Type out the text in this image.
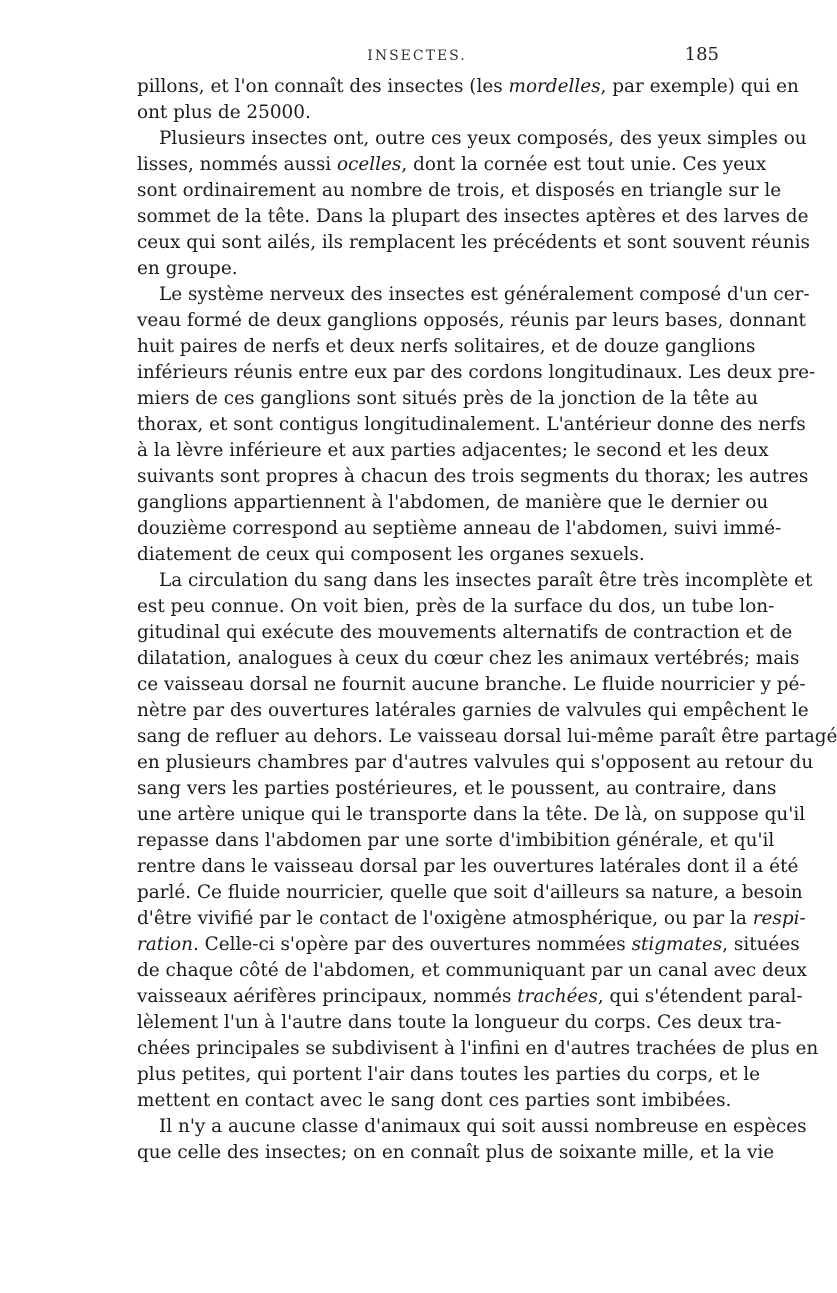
INSECTES.	185
pillons, et l'on connaît des insectes (les mordelles, par exemple) qui en
ont plus de 25000.
Plusieurs insectes ont, outre ces yeux composés, des yeux simples ou
lisses, nommés aussi ocelles, dont la cornée est tout unie. Ces yeux
sont ordinairement au nombre de trois, et disposés en triangle sur le
sommet de la tête. Dans la plupart des insectes aptères et des larves de
ceux qui sont ailés, ils remplacent les précédents et sont souvent réunis
en groupe.
Le système nerveux des insectes est généralement composé d'un cer-
veau formé de deux ganglions opposés, réunis par leurs bases, donnant
huit paires de nerfs et deux nerfs solitaires, et de douze ganglions
inférieurs réunis entre eux par des cordons longitudinaux. Les deux pre-
miers de ces ganglions sont situés près de la jonction de la tête au
thorax, et sont contigus longitudinalement. L'antérieur donne des nerfs
à la lèvre inférieure et aux parties adjacentes; le second et les deux
suivants sont propres à chacun des trois segments du thorax; les autres
ganglions appartiennent à l'abdomen, de manière que le dernier ou
douzième correspond au septième anneau de l'abdomen, suivi immé-
diatement de ceux qui composent les organes sexuels.
La circulation du sang dans les insectes paraît être très incomplète et
est peu connue. On voit bien, près de la surface du dos, un tube lon-
gitudinal qui exécute des mouvements alternatifs de contraction et de
dilatation, analogues à ceux du cœur chez les animaux vertébrés; mais
ce vaisseau dorsal ne fournit aucune branche. Le fluide nourricier y pé-
nètre par des ouvertures latérales garnies de valvules qui empêchent le
sang de refluer au dehors. Le vaisseau dorsal lui-même paraît être partagé
en plusieurs chambres par d'autres valvules qui s'opposent au retour du
sang vers les parties postérieures, et le poussent, au contraire, dans
une artère unique qui le transporte dans la tête. De là, on suppose qu'il
repasse dans l'abdomen par une sorte d'imbibition générale, et qu'il
rentre dans le vaisseau dorsal par les ouvertures latérales dont il a été
parlé. Ce fluide nourricier, quelle que soit d'ailleurs sa nature, a besoin
d'être vivifié par le contact de l'oxigène atmosphérique, ou par la respi-
ration. Celle-ci s'opère par des ouvertures nommées stigmates, situées
de chaque côté de l'abdomen, et communiquant par un canal avec deux
vaisseaux aérifères principaux, nommés trachées, qui s'étendent paral-
lèlement l'un à l'autre dans toute la longueur du corps. Ces deux tra-
chées principales se subdivisent à l'infini en d'autres trachées de plus en
plus petites, qui portent l'air dans toutes les parties du corps, et le
mettent en contact avec le sang dont ces parties sont imbibées.
Il n'y a aucune classe d'animaux qui soit aussi nombreuse en espèces
que celle des insectes; on en connaît plus de soixante mille, et la vie
